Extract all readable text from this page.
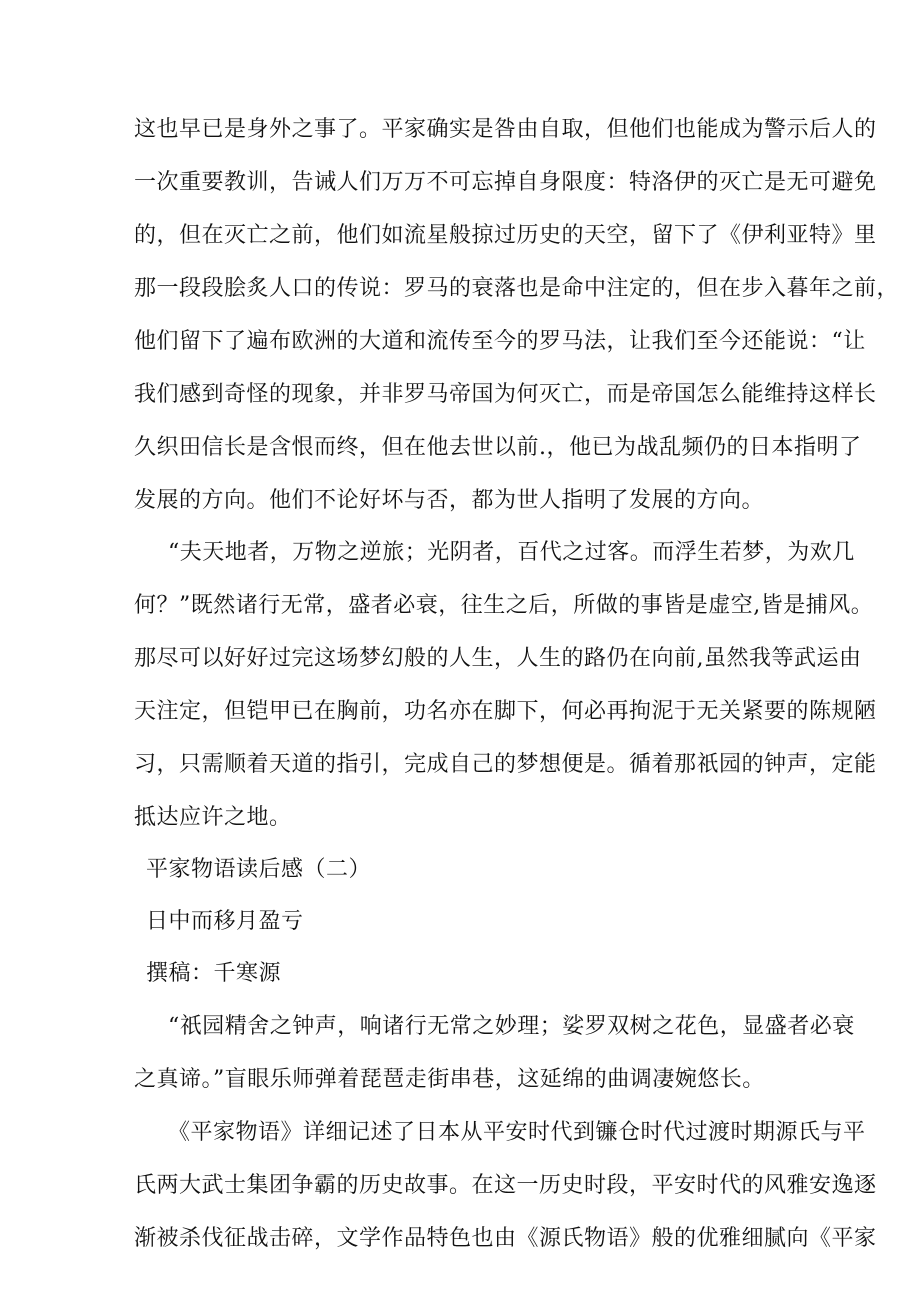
这也早已是身外之事了。平家确实是咎由自取，但他们也能成为警示后人的
一次重要教训，告诫人们万万不可忘掉自身限度：特洛伊的灭亡是无可避免
的，但在灭亡之前，他们如流星般掠过历史的天空，留下了《伊利亚特》里
那一段段脍炙人口的传说：罗马的衰落也是命中注定的，但在步入暮年之前，
他们留下了遍布欧洲的大道和流传至今的罗马法，让我们至今还能说：“让
我们感到奇怪的现象，并非罗马帝国为何灭亡，而是帝国怎么能维持这样长
久织田信长是含恨而终，但在他去世以前.，他已为战乱频仍的日本指明了
发展的方向。他们不论好坏与否，都为世人指明了发展的方向。
“夫天地者，万物之逆旅；光阴者，百代之过客。而浮生若梦，为欢几
何？”既然诸行无常，盛者必衰，往生之后，所做的事皆是虚空,皆是捕风。
那尽可以好好过完这场梦幻般的人生，人生的路仍在向前,虽然我等武运由
天注定，但铠甲已在胸前，功名亦在脚下，何必再拘泥于无关紧要的陈规陋
习，只需顺着天道的指引，完成自己的梦想便是。循着那祇园的钟声，定能
抵达应许之地。
平家物语读后感（二）
日中而移月盈亏
撰稿：千寒源
“祇园精舍之钟声，响诸行无常之妙理；娑罗双树之花色，显盛者必衰
之真谛。”盲眼乐师弹着琵琶走街串巷，这延绵的曲调凄婉悠长。
《平家物语》详细记述了日本从平安时代到镰仓时代过渡时期源氏与平
氏两大武士集团争霸的历史故事。在这一历史时段，平安时代的风雅安逸逐
渐被杀伐征战击碎，文学作品特色也由《源氏物语》般的优雅细腻向《平家
